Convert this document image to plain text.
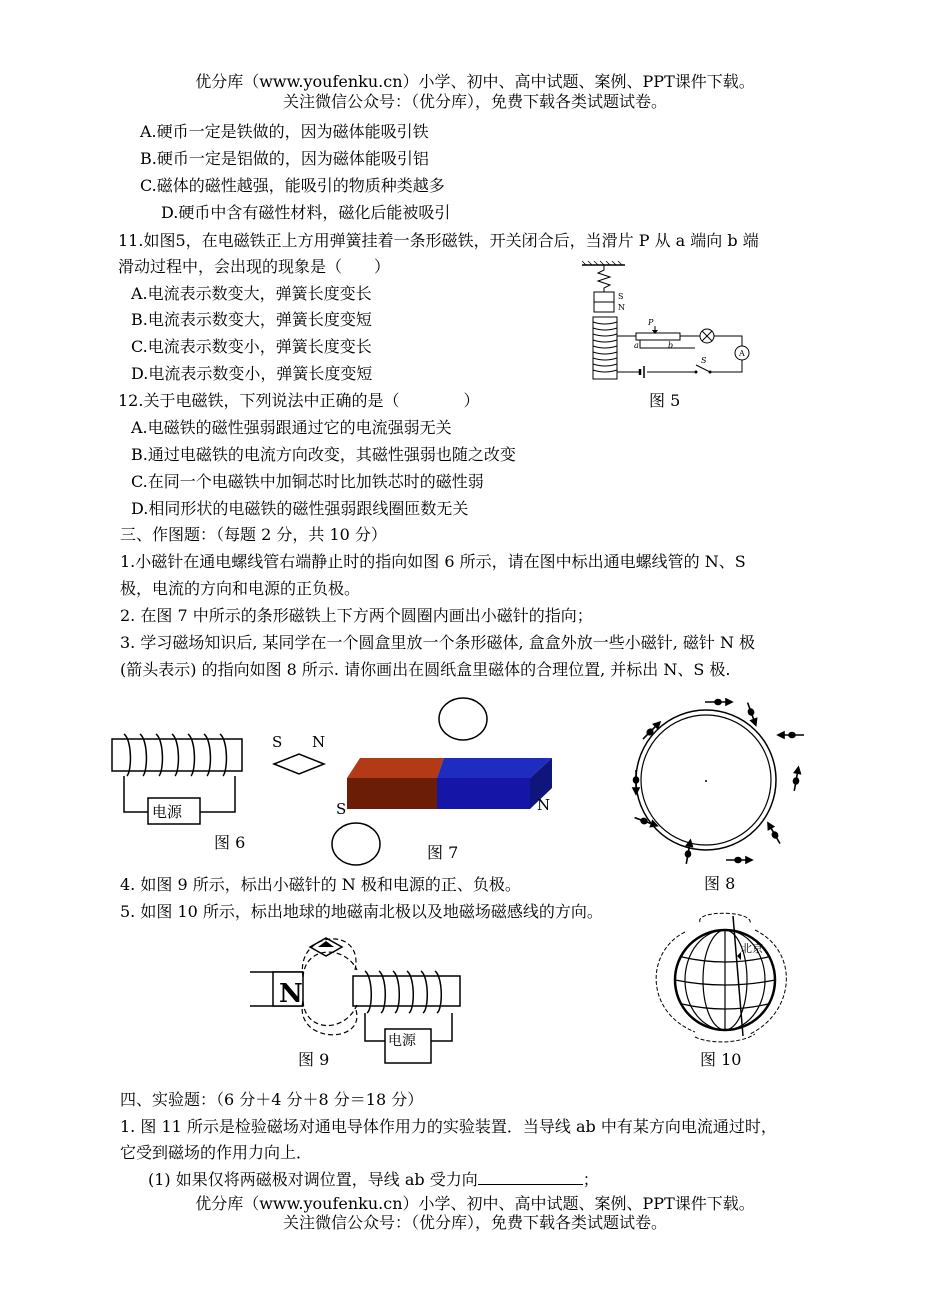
优分库（www.youfenku.cn）小学、初中、高中试题、案例、PPT课件下载。
关注微信公众号：（优分库），免费下载各类试题试卷。
A.硬币一定是铁做的，因为磁体能吸引铁
B.硬币一定是铝做的，因为磁体能吸引铝
C.磁体的磁性越强，能吸引的物质种类越多
D.硬币中含有磁性材料，磁化后能被吸引
11.如图5，在电磁铁正上方用弹簧挂着一条形磁铁，开关闭合后，当滑片 P 从 a 端向 b 端
滑动过程中，会出现的现象是（　　）
A.电流表示数变大，弹簧长度变长
B.电流表示数变大，弹簧长度变短
C.电流表示数变小，弹簧长度变长
D.电流表示数变小，弹簧长度变短
S
N
P
a	b
A
S
图 5
12.关于电磁铁，下列说法中正确的是（　　　　）
A.电磁铁的磁性强弱跟通过它的电流强弱无关
B.通过电磁铁的电流方向改变，其磁性强弱也随之改变
C.在同一个电磁铁中加铜芯时比加铁芯时的磁性弱
D.相同形状的电磁铁的磁性强弱跟线圈匝数无关
三、作图题：（每题 2 分，共 10 分）
1.小磁针在通电螺线管右端静止时的指向如图 6 所示，请在图中标出通电螺线管的 N、S
极，电流的方向和电源的正负极。
2. 在图 7 中所示的条形磁铁上下方两个圆圈内画出小磁针的指向；
3. 学习磁场知识后, 某同学在一个圆盒里放一个条形磁体, 盒盒外放一些小磁针, 磁针 N 极
(箭头表示) 的指向如图 8 所示. 请你画出在圆纸盒里磁体的合理位置, 并标出 N、S 极.
电源
S N
图 6
S	N
图 7
图 8
4. 如图 9 所示，标出小磁针的 N 极和电源的正、负极。
5. 如图 10 所示，标出地球的地磁南北极以及地磁场磁感线的方向。
N
电源
图 9
北京
图 10
四、实验题：（6 分＋4 分＋8 分＝18 分）
1. 图 11 所示是检验磁场对通电导体作用力的实验装置．当导线 ab 中有某方向电流通过时，
它受到磁场的作用力向上．
(1) 如果仅将两磁极对调位置，导线 ab 受力向	；
优分库（www.youfenku.cn）小学、初中、高中试题、案例、PPT课件下载。
关注微信公众号：（优分库），免费下载各类试题试卷。
